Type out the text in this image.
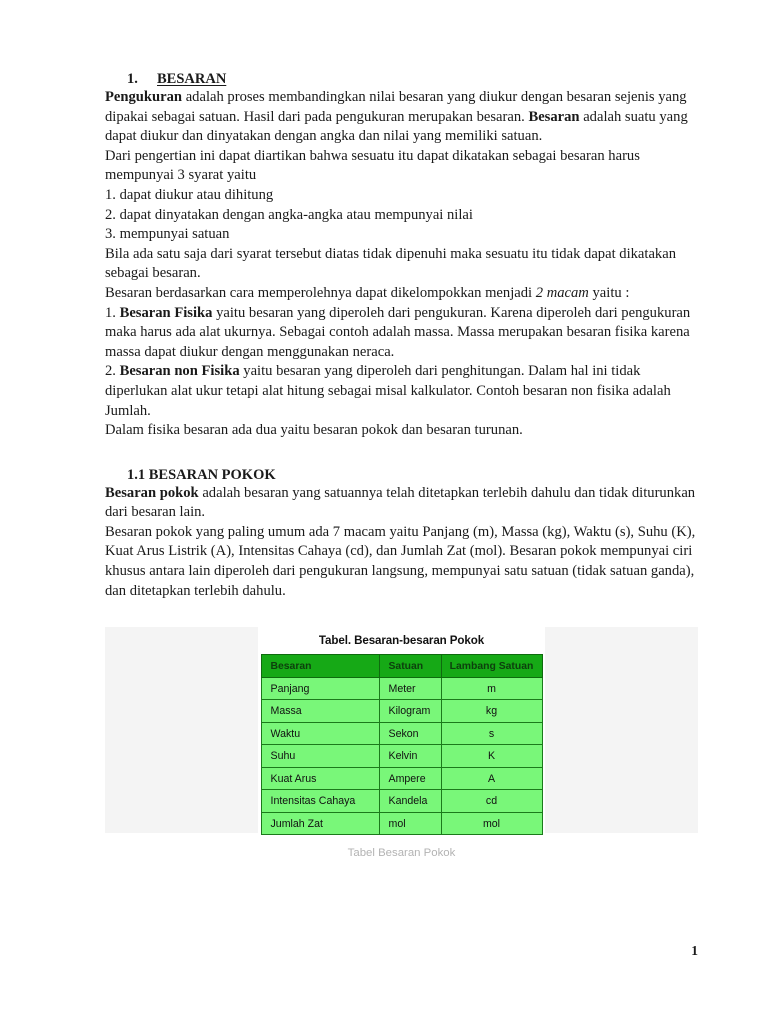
1.	BESARAN

Pengukuran adalah proses membandingkan nilai besaran yang diukur dengan besaran sejenis yang dipakai sebagai satuan. Hasil dari pada pengukuran merupakan besaran. Besaran adalah suatu yang dapat diukur dan dinyatakan dengan angka dan nilai yang memiliki satuan.

Dari pengertian ini dapat diartikan bahwa sesuatu itu dapat dikatakan sebagai besaran harus mempunyai 3 syarat yaitu

1. dapat diukur atau dihitung

2. dapat dinyatakan dengan angka-angka atau mempunyai nilai

3. mempunyai satuan

Bila ada satu saja dari syarat tersebut diatas tidak dipenuhi maka sesuatu itu tidak dapat dikatakan sebagai besaran.

Besaran berdasarkan cara memperolehnya dapat dikelompokkan menjadi 2 macam yaitu :

1. Besaran Fisika yaitu besaran yang diperoleh dari pengukuran. Karena diperoleh dari pengukuran maka harus ada alat ukurnya. Sebagai contoh adalah massa. Massa merupakan besaran fisika karena massa dapat diukur dengan menggunakan neraca.

2. Besaran non Fisika yaitu besaran yang diperoleh dari penghitungan. Dalam hal ini tidak diperlukan alat ukur tetapi alat hitung sebagai misal kalkulator. Contoh besaran non fisika adalah Jumlah.

Dalam fisika besaran ada dua yaitu besaran pokok dan besaran turunan.

1.1 BESARAN POKOK

Besaran pokok adalah besaran yang satuannya telah ditetapkan terlebih dahulu dan tidak diturunkan dari besaran lain.

Besaran pokok yang paling umum ada 7 macam yaitu Panjang (m), Massa (kg), Waktu (s), Suhu (K), Kuat Arus Listrik (A), Intensitas Cahaya (cd), dan Jumlah Zat (mol). Besaran pokok mempunyai ciri khusus antara lain diperoleh dari pengukuran langsung, mempunyai satu satuan (tidak satuan ganda), dan ditetapkan terlebih dahulu.

Tabel. Besaran-besaran Pokok
Besaran	Satuan	Lambang Satuan
Panjang	Meter	m
Massa	Kilogram	kg
Waktu	Sekon	s
Suhu	Kelvin	K
Kuat Arus	Ampere	A
Intensitas Cahaya	Kandela	cd
Jumlah Zat	mol	mol
Tabel Besaran Pokok
1
